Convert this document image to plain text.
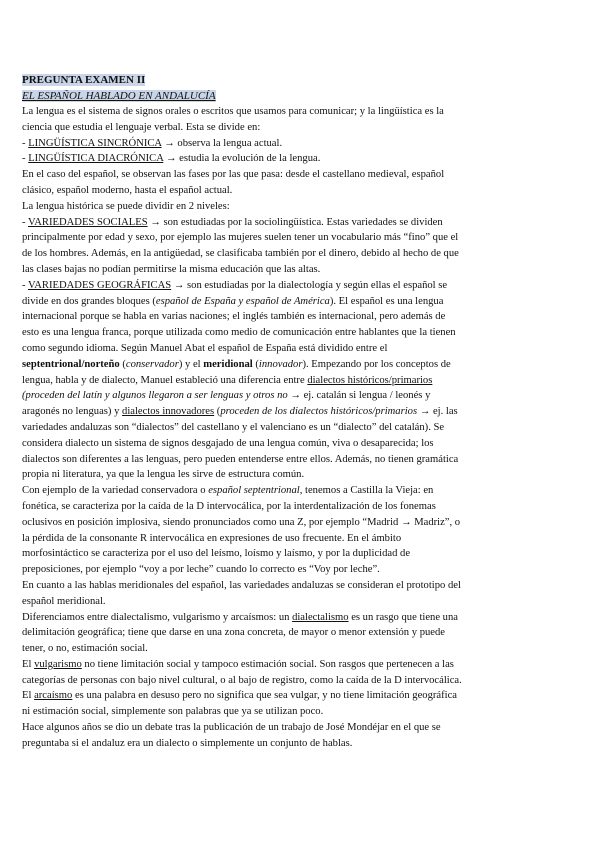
PREGUNTA EXAMEN II
EL ESPAÑOL HABLADO EN ANDALUCÍA
La lengua es el sistema de signos orales o escritos que usamos para comunicar; y la lingüística es la
ciencia que estudia el lenguaje verbal. Esta se divide en:
- LINGÜÍSTICA SINCRÓNICA → observa la lengua actual.
- LINGÜÍSTICA DIACRÓNICA → estudia la evolución de la lengua.
En el caso del español, se observan las fases por las que pasa: desde el castellano medieval, español
clásico, español moderno, hasta el español actual.
La lengua histórica se puede dividir en 2 niveles:
- VARIEDADES SOCIALES → son estudiadas por la sociolingüística. Estas variedades se dividen
principalmente por edad y sexo, por ejemplo las mujeres suelen tener un vocabulario más “fino” que el
de los hombres. Además, en la antigüedad, se clasificaba también por el dinero, debido al hecho de que
las clases bajas no podían permitirse la misma educación que las altas.
- VARIEDADES GEOGRÁFICAS → son estudiadas por la dialectología y según ellas el español se
divide en dos grandes bloques (español de España y español de América). El español es una lengua
internacional porque se habla en varias naciones; el inglés también es internacional, pero además de
esto es una lengua franca, porque utilizada como medio de comunicación entre hablantes que la tienen
como segundo idioma. Según Manuel Abat el español de España está dividido entre el
septentrional/norteño (conservador) y el meridional (innovador). Empezando por los conceptos de
lengua, habla y de dialecto, Manuel estableció una diferencia entre dialectos históricos/primarios
(proceden del latín y algunos llegaron a ser lenguas y otros no → ej. catalán si lengua / leonés y
aragonés no lenguas) y dialectos innovadores (proceden de los dialectos históricos/primarios → ej. las
variedades andaluzas son “dialectos” del castellano y el valenciano es un “dialecto” del catalán). Se
considera dialecto un sistema de signos desgajado de una lengua común, viva o desaparecida; los
dialectos son diferentes a las lenguas, pero pueden entenderse entre ellos. Además, no tienen gramática
propia ni literatura, ya que la lengua les sirve de estructura común.
Con ejemplo de la variedad conservadora o español septentrional, tenemos a Castilla la Vieja: en
fonética, se caracteriza por la caída de la D intervocálica, por la interdentalización de los fonemas
oclusivos en posición implosiva, siendo pronunciados como una Z, por ejemplo “Madrid → Madriz”, o
la pérdida de la consonante R intervocálica en expresiones de uso frecuente. En el ámbito
morfosintáctico se caracteriza por el uso del leísmo, loísmo y laísmo, y por la duplicidad de
preposiciones, por ejemplo “voy a por leche” cuando lo correcto es “Voy por leche”.
En cuanto a las hablas meridionales del español, las variedades andaluzas se consideran el prototipo del
español meridional.
Diferenciamos entre dialectalismo, vulgarismo y arcaísmos: un dialectalismo es un rasgo que tiene una
delimitación geográfica; tiene que darse en una zona concreta, de mayor o menor extensión y puede
tener, o no, estimación social.
El vulgarismo no tiene limitación social y tampoco estimación social. Son rasgos que pertenecen a las
categorías de personas con bajo nivel cultural, o al bajo de registro, como la caída de la D intervocálica.
El arcaísmo es una palabra en desuso pero no significa que sea vulgar, y no tiene limitación geográfica
ni estimación social, simplemente son palabras que ya se utilizan poco.
Hace algunos años se dio un debate tras la publicación de un trabajo de José Mondéjar en el que se
preguntaba si el andaluz era un dialecto o simplemente un conjunto de hablas.
